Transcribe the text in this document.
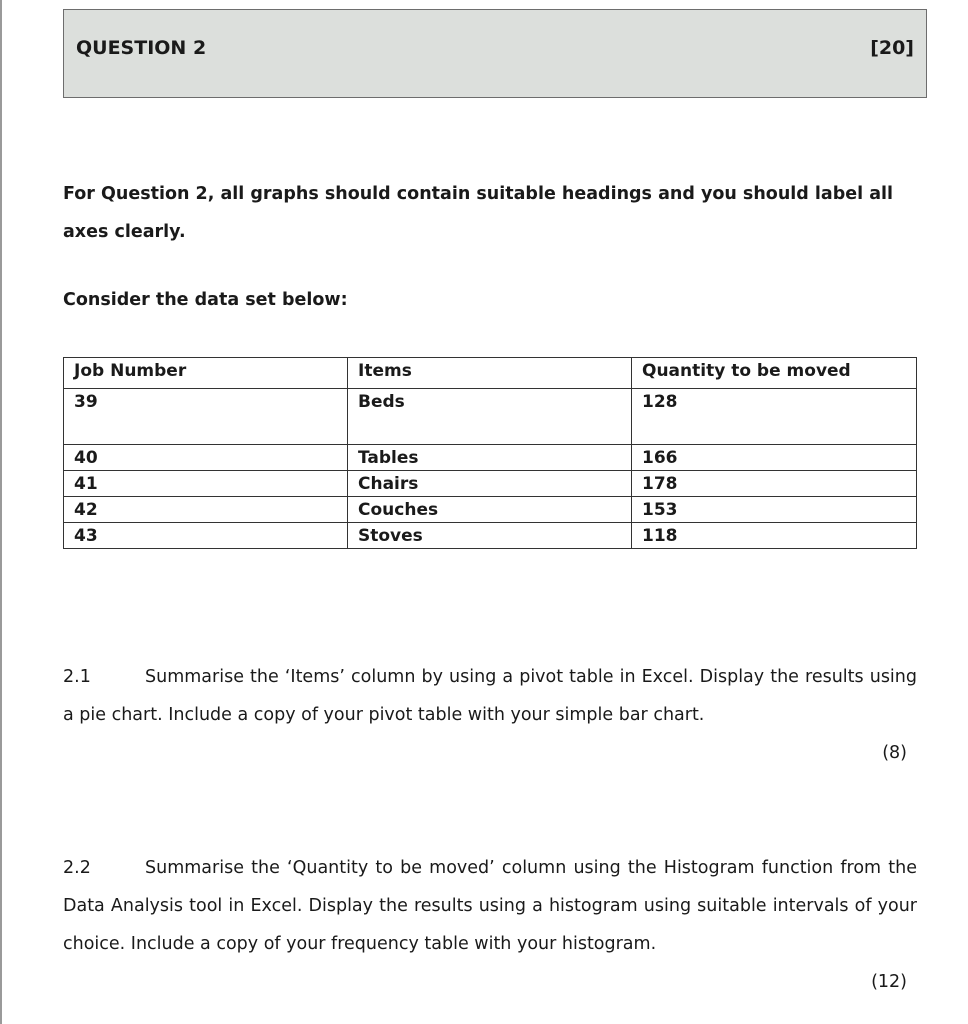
QUESTION 2	[20]
For Question 2, all graphs should contain suitable headings and you should label all axes clearly.
Consider the data set below:
Job Number	Items	Quantity to be moved
39	Beds	128
40	Tables	166
41	Chairs	178
42	Couches	153
43	Stoves	118
2.1	Summarise the ‘Items’ column by using a pivot table in Excel. Display the results using a pie chart. Include a copy of your pivot table with your simple bar chart.
(8)
2.2	Summarise the ‘Quantity to be moved’ column using the Histogram function from the Data Analysis tool in Excel. Display the results using a histogram using suitable intervals of your choice. Include a copy of your frequency table with your histogram.
(12)
